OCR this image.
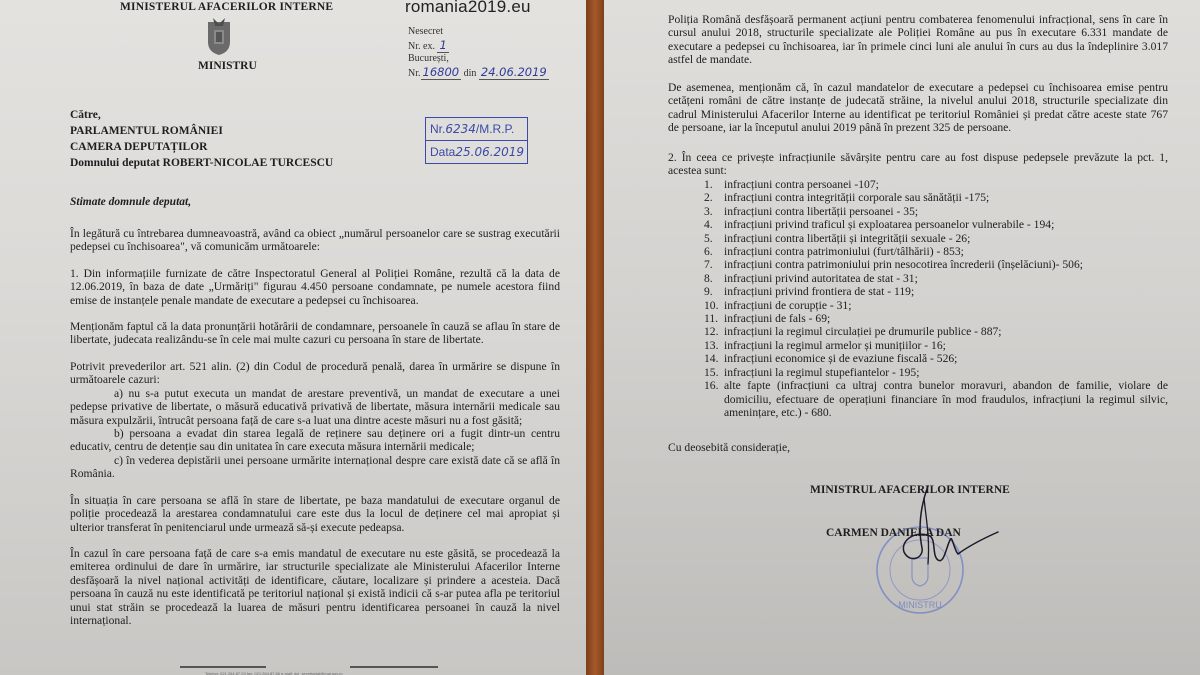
MINISTERUL AFACERILOR INTERNE
MINISTRU
romania2019.eu
Nesecret
Nr. ex. 1
București,
Nr. 16800 din 24.06.2019
Nr.6234/M.R.P.
Data25.06.2019
Către,
PARLAMENTUL ROMÂNIEI
CAMERA DEPUTAȚILOR
Domnului deputat ROBERT-NICOLAE TURCESCU
Stimate domnule deputat,

În legătură cu întrebarea dumneavoastră, având ca obiect „numărul persoanelor care se sustrag executării pedepsei cu închisoarea", vă comunicăm următoarele:

1. Din informațiile furnizate de către Inspectoratul General al Poliției Române, rezultă că la data de 12.06.2019, în baza de date „Urmăriți" figurau 4.450 persoane condamnate, pe numele acestora fiind emise de instanțele penale mandate de executare a pedepsei cu închisoarea.

Menționăm faptul că la data pronunțării hotărârii de condamnare, persoanele în cauză se aflau în stare de libertate, judecata realizându-se în cele mai multe cazuri cu persoana în stare de libertate.

Potrivit prevederilor art. 521 alin. (2) din Codul de procedură penală, darea în urmărire se dispune în următoarele cazuri:

a) nu s-a putut executa un mandat de arestare preventivă, un mandat de executare a unei pedepse privative de libertate, o măsură educativă privativă de libertate, măsura internării medicale sau măsura expulzării, întrucât persoana față de care s-a luat una dintre aceste măsuri nu a fost găsită;

b) persoana a evadat din starea legală de reținere sau deținere ori a fugit dintr-un centru educativ, centru de detenție sau din unitatea în care executa măsura internării medicale;

c) în vederea depistării unei persoane urmărite internațional despre care există date că se află în România.

În situația în care persoana se află în stare de libertate, pe baza mandatului de executare organul de poliție procedează la arestarea condamnatului care este dus la locul de deținere cel mai apropiat și ulterior transferat în penitenciarul unde urmează să-și execute pedeapsa.

În cazul în care persoana față de care s-a emis mandatul de executare nu este găsită, se procedează la emiterea ordinului de dare în urmărire, iar structurile specializate ale Ministerului Afacerilor Interne desfășoară la nivel național activități de identificare, căutare, localizare și prindere a acesteia. Dacă persoana în cauză nu este identificată pe teritoriul național și există indicii că s-ar putea afla pe teritoriul unui stat străin se procedează la luarea de măsuri pentru identificarea persoanei în cauză la nivel internațional.

Telefon: 021.264.87.03 fax: 021.264.87.86 e-mail: dci_secretariat@mai.gov.ro

Poliția Română desfășoară permanent acțiuni pentru combaterea fenomenului infracțional, sens în care în cursul anului 2018, structurile specializate ale Poliției Române au pus în executare 6.331 mandate de executare a pedepsei cu închisoarea, iar în primele cinci luni ale anului în curs au dus la îndeplinire 3.017 astfel de mandate.

De asemenea, menționăm că, în cazul mandatelor de executare a pedepsei cu închisoarea emise pentru cetățeni români de către instanțe de judecată străine, la nivelul anului 2018, structurile specializate din cadrul Ministerului Afacerilor Interne au identificat pe teritoriul României și predat către aceste state 767 de persoane, iar la începutul anului 2019 până în prezent 325 de persoane.

2. În ceea ce privește infracțiunile săvârșite pentru care au fost dispuse pedepsele prevăzute la pct. 1, acestea sunt:

1. infracțiuni contra persoanei -107;
2. infracțiuni contra integrității corporale sau sănătății -175;
3. infracțiuni contra libertății persoanei - 35;
4. infracțiuni privind traficul și exploatarea persoanelor vulnerabile - 194;
5. infracțiuni contra libertății și integrității sexuale - 26;
6. infracțiuni contra patrimoniului (furt/tâlhării) - 853;
7. infracțiuni contra patrimoniului prin nesocotirea încrederii (înșelăciuni)- 506;
8. infracțiuni privind autoritatea de stat - 31;
9. infracțiuni privind frontiera de stat - 119;
10. infracțiuni de corupție - 31;
11. infracțiuni de fals - 69;
12. infracțiuni la regimul circulației pe drumurile publice - 887;
13. infracțiuni la regimul armelor și munițiilor - 16;
14. infracțiuni economice și de evaziune fiscală - 526;
15. infracțiuni la regimul stupefiantelor - 195;
16. alte fapte (infracțiuni ca ultraj contra bunelor moravuri, abandon de familie, violare de domiciliu, efectuare de operațiuni financiare în mod fraudulos, infracțiuni la regimul silvic, amenințare, etc.) - 680.
Cu deosebită considerație,
MINISTRUL AFACERILOR INTERNE
MINISTRU
CARMEN DANIELA DAN
